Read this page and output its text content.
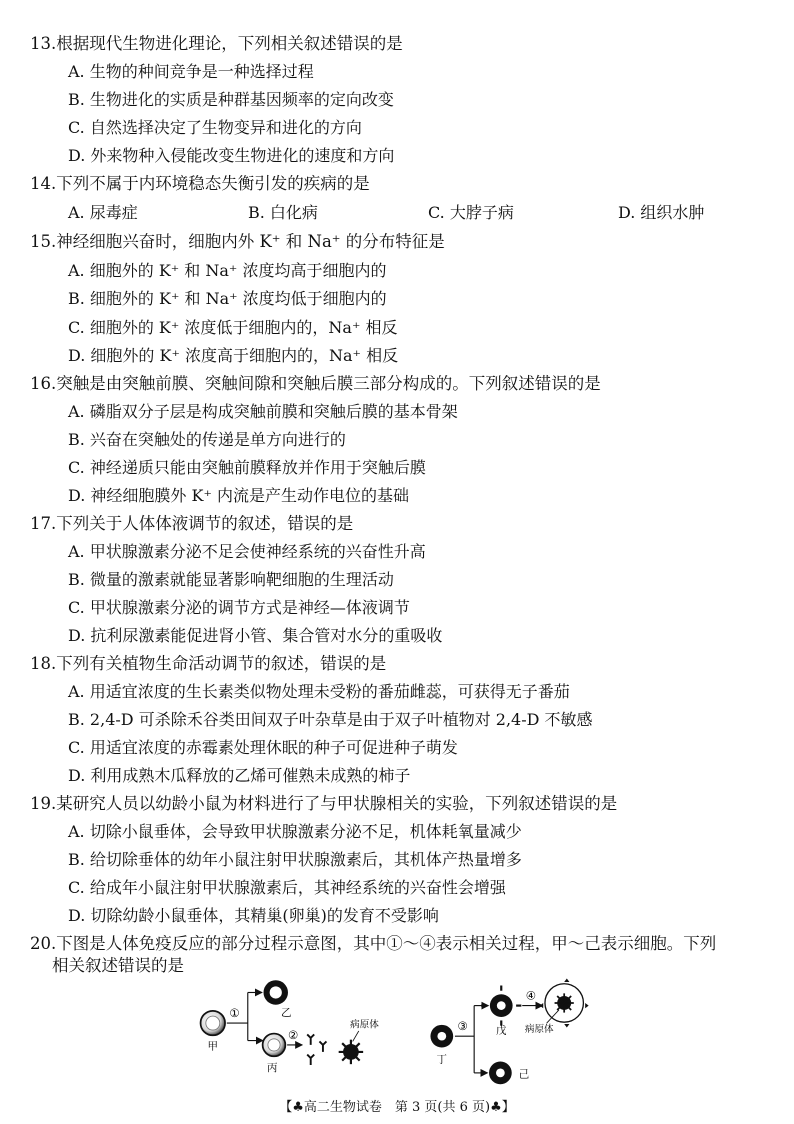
13.根据现代生物进化理论，下列相关叙述错误的是
A. 生物的种间竞争是一种选择过程
B. 生物进化的实质是种群基因频率的定向改变
C. 自然选择决定了生物变异和进化的方向
D. 外来物种入侵能改变生物进化的速度和方向
14.下列不属于内环境稳态失衡引发的疾病的是
A. 尿毒症	B. 白化病	C. 大脖子病	D. 组织水肿
15.神经细胞兴奋时，细胞内外 K⁺ 和 Na⁺ 的分布特征是
A. 细胞外的 K⁺ 和 Na⁺ 浓度均高于细胞内的
B. 细胞外的 K⁺ 和 Na⁺ 浓度均低于细胞内的
C. 细胞外的 K⁺ 浓度低于细胞内的，Na⁺ 相反
D. 细胞外的 K⁺ 浓度高于细胞内的，Na⁺ 相反
16.突触是由突触前膜、突触间隙和突触后膜三部分构成的。下列叙述错误的是
A. 磷脂双分子层是构成突触前膜和突触后膜的基本骨架
B. 兴奋在突触处的传递是单方向进行的
C. 神经递质只能由突触前膜释放并作用于突触后膜
D. 神经细胞膜外 K⁺ 内流是产生动作电位的基础
17.下列关于人体体液调节的叙述，错误的是
A. 甲状腺激素分泌不足会使神经系统的兴奋性升高
B. 微量的激素就能显著影响靶细胞的生理活动
C. 甲状腺激素分泌的调节方式是神经—体液调节
D. 抗利尿激素能促进肾小管、集合管对水分的重吸收
18.下列有关植物生命活动调节的叙述，错误的是
A. 用适宜浓度的生长素类似物处理未受粉的番茄雌蕊，可获得无子番茄
B. 2,4-D 可杀除禾谷类田间双子叶杂草是由于双子叶植物对 2,4-D 不敏感
C. 用适宜浓度的赤霉素处理休眠的种子可促进种子萌发
D. 利用成熟木瓜释放的乙烯可催熟未成熟的柿子
19.某研究人员以幼龄小鼠为材料进行了与甲状腺相关的实验，下列叙述错误的是
A. 切除小鼠垂体，会导致甲状腺激素分泌不足，机体耗氧量减少
B. 给切除垂体的幼年小鼠注射甲状腺激素后，其机体产热量增多
C. 给成年小鼠注射甲状腺激素后，其神经系统的兴奋性会增强
D. 切除幼龄小鼠垂体，其精巢(卵巢)的发育不受影响
20.下图是人体免疫反应的部分过程示意图，其中①～④表示相关过程，甲～己表示细胞。下列
甲
①	乙
丙
②
病原体
丁
③ 戊
④
病原体
己
【♣高二生物试卷　第 3 页(共 6 页)♣】
相关叙述错误的是
